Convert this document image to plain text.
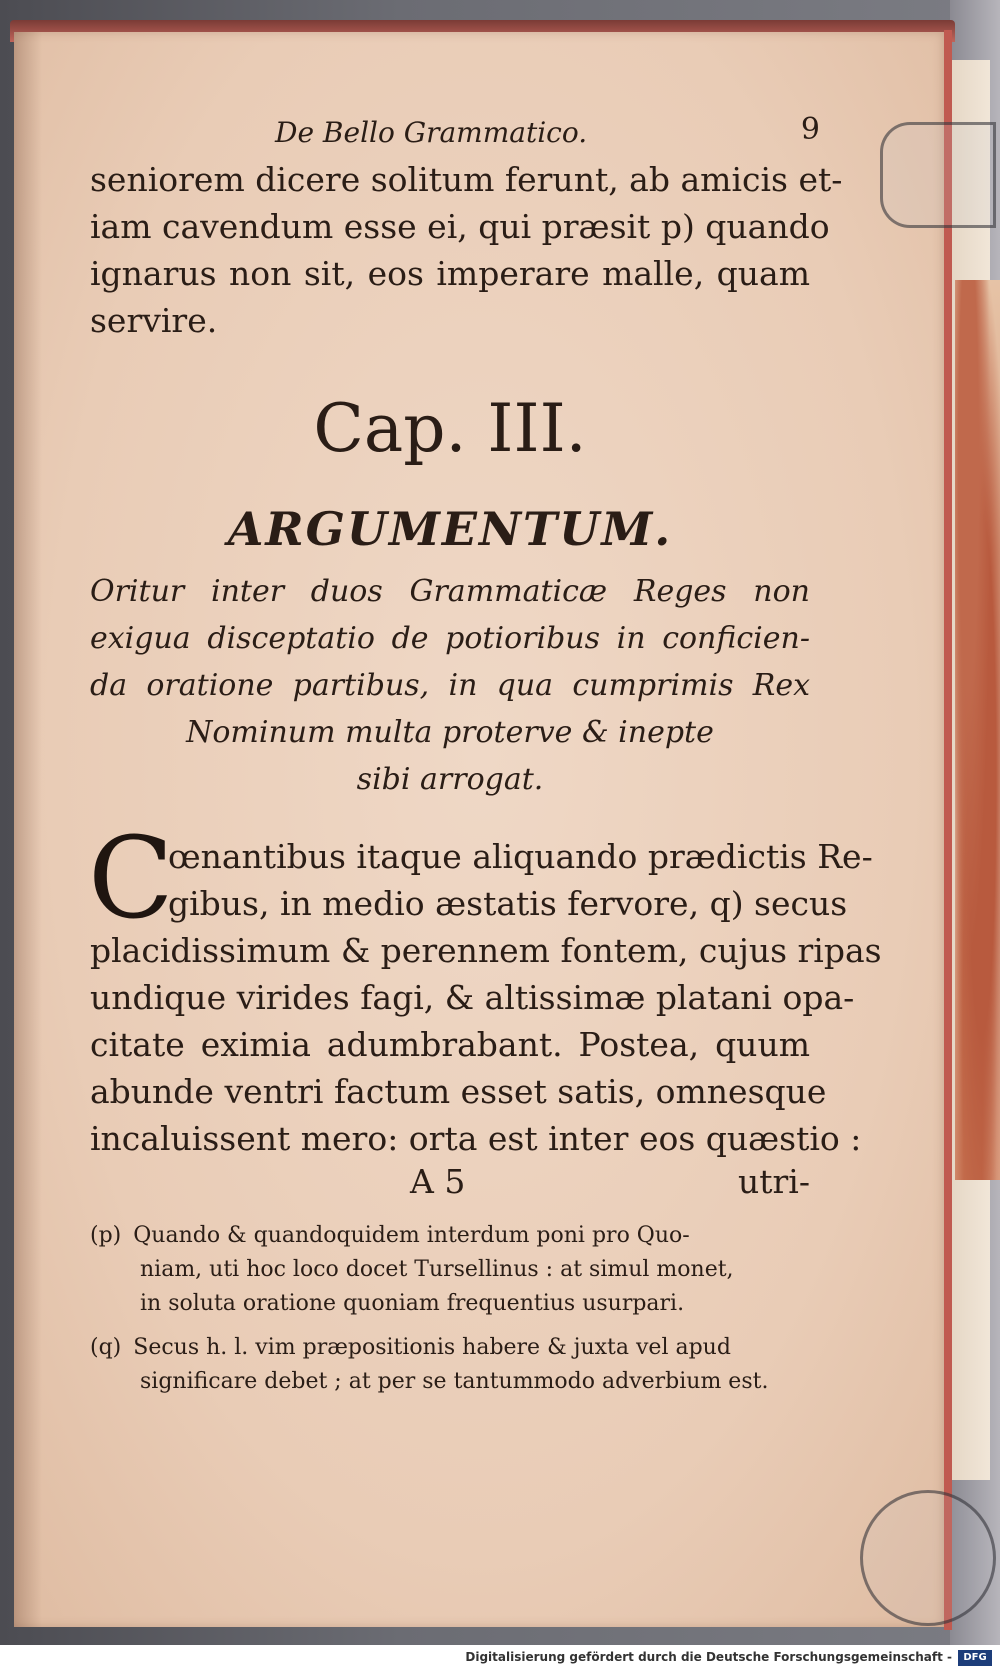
De Bello Grammatico.	9
seniorem dicere solitum ferunt, ab amicis et-
iam cavendum esse ei, qui præsit p) quando
ignarus non sit, eos imperare malle, quam
servire.
Cap. III.
ARGUMENTUM.
Oritur inter duos Grammaticæ Reges non
exigua disceptatio de potioribus in conficien-
da oratione partibus, in qua cumprimis Rex
Nominum multa proterve & inepte
sibi arrogat.
C
œnantibus itaque aliquando prædictis Re-
gibus, in medio æstatis fervore, q) secus
placidissimum & perennem fontem, cujus ripas
undique virides fagi, & altissimæ platani opa-
citate eximia adumbrabant. Postea, quum
abunde ventri factum esset satis, omnesque
incaluissent mero: orta est inter eos quæstio :
A 5	utri-
(p) Quando & quandoquidem interdum poni pro Quo-
niam, uti hoc loco docet Tursellinus : at simul monet,
in soluta oratione quoniam frequentius usurpari.
(q) Secus h. l. vim præpositionis habere & juxta vel apud
significare debet ; at per se tantummodo adverbium est.
Digitalisierung gefördert durch die Deutsche Forschungsgemeinschaft -	DFG
